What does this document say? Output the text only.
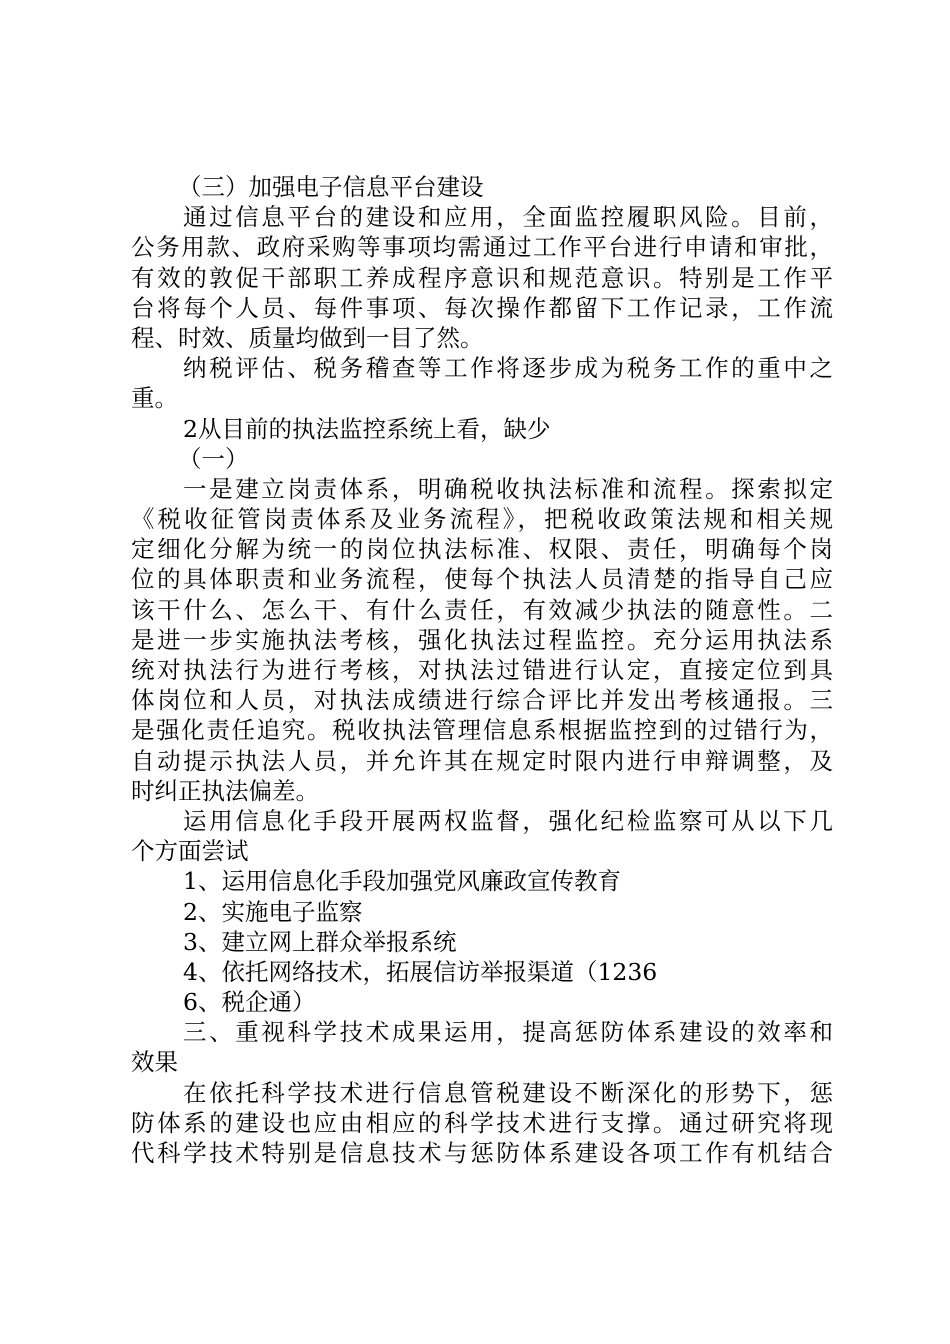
（三）加强电子信息平台建设
通过信息平台的建设和应用，全面监控履职风险。目前，
公务用款、政府采购等事项均需通过工作平台进行申请和审批，
有效的敦促干部职工养成程序意识和规范意识。特别是工作平
台将每个人员、每件事项、每次操作都留下工作记录，工作流
程、时效、质量均做到一目了然。
纳税评估、税务稽查等工作将逐步成为税务工作的重中之
重。
2从目前的执法监控系统上看，缺少
（一）
一是建立岗责体系，明确税收执法标准和流程。探索拟定
《税收征管岗责体系及业务流程》，把税收政策法规和相关规
定细化分解为统一的岗位执法标准、权限、责任，明确每个岗
位的具体职责和业务流程，使每个执法人员清楚的指导自己应
该干什么、怎么干、有什么责任，有效减少执法的随意性。二
是进一步实施执法考核，强化执法过程监控。充分运用执法系
统对执法行为进行考核，对执法过错进行认定，直接定位到具
体岗位和人员，对执法成绩进行综合评比并发出考核通报。三
是强化责任追究。税收执法管理信息系根据监控到的过错行为，
自动提示执法人员，并允许其在规定时限内进行申辩调整，及
时纠正执法偏差。
运用信息化手段开展两权监督，强化纪检监察可从以下几
个方面尝试
1、运用信息化手段加强党风廉政宣传教育
2、实施电子监察
3、建立网上群众举报系统
4、依托网络技术，拓展信访举报渠道（1236
6、税企通）
三、重视科学技术成果运用，提高惩防体系建设的效率和
效果
在依托科学技术进行信息管税建设不断深化的形势下，惩
防体系的建设也应由相应的科学技术进行支撑。通过研究将现
代科学技术特别是信息技术与惩防体系建设各项工作有机结合
